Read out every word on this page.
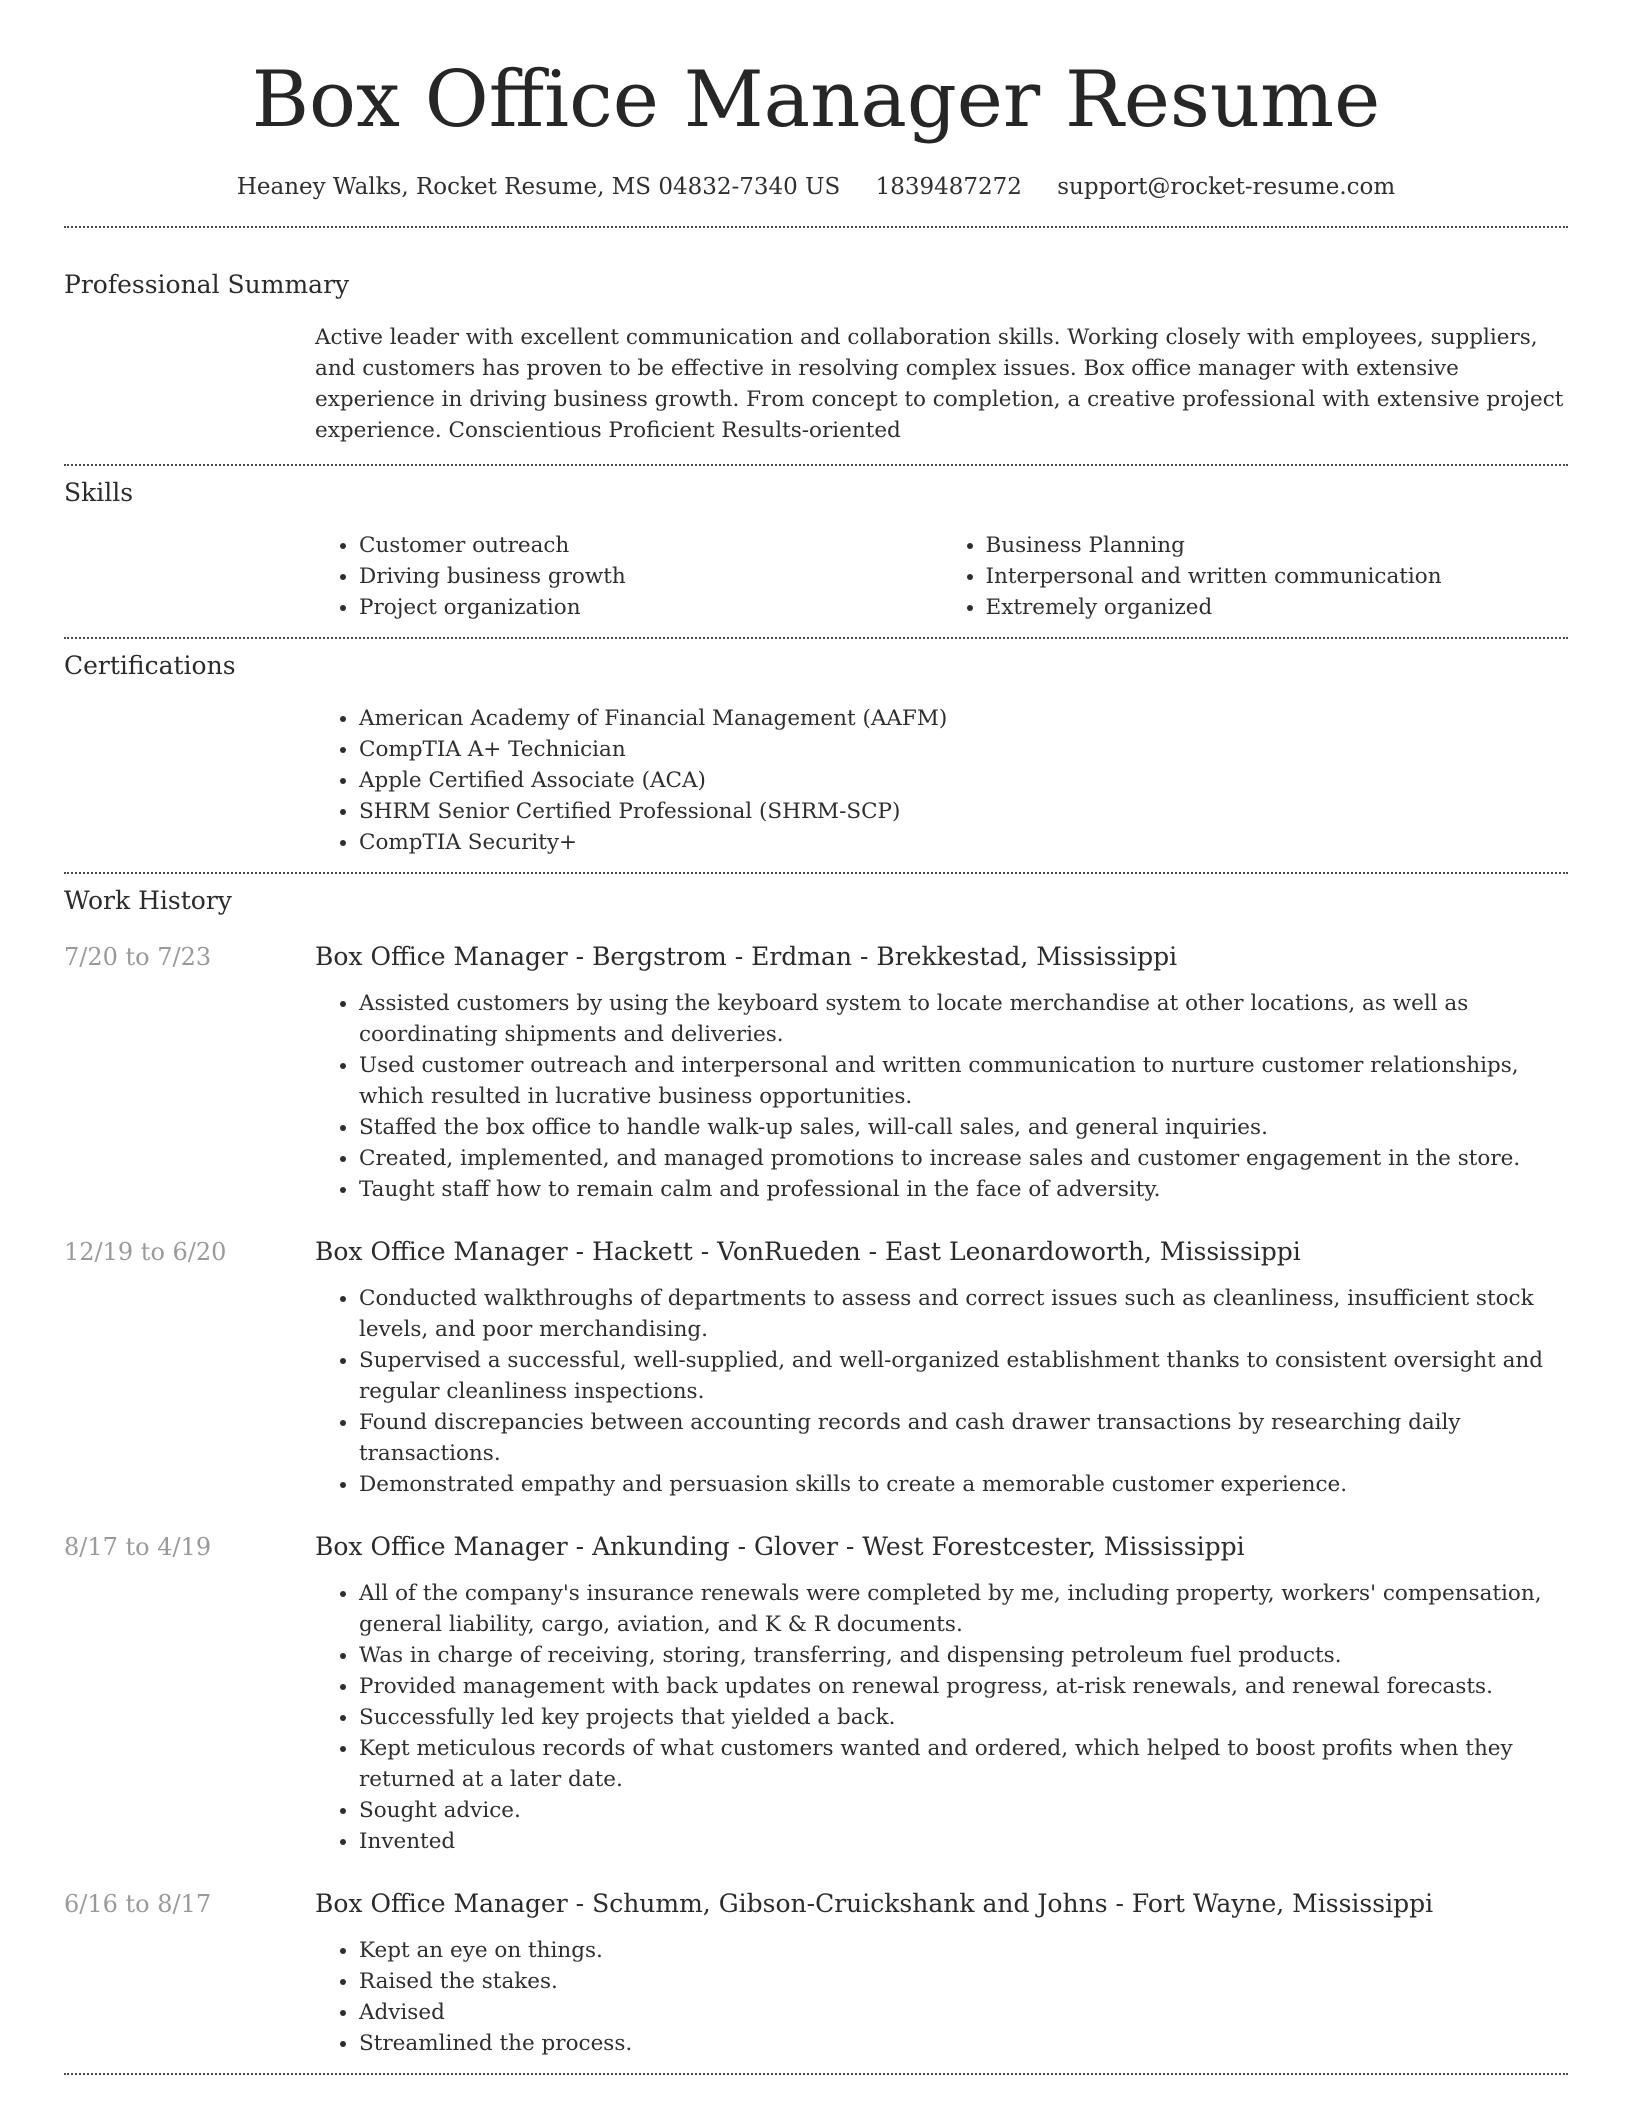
Box Office Manager Resume
Heaney Walks, Rocket Resume, MS 04832-7340 US 1839487272 support@rocket-resume.com
Professional Summary

Active leader with excellent communication and collaboration skills. Working closely with employees, suppliers, and customers has proven to be effective in resolving complex issues. Box office manager with extensive experience in driving business growth. From concept to completion, a creative professional with extensive project experience. Conscientious Proficient Results-oriented

Skills
• Customer outreach
• Driving business growth
• Project organization
• Business Planning
• Interpersonal and written communication
• Extremely organized
Certifications
• American Academy of Financial Management (AAFM)
• CompTIA A+ Technician
• Apple Certified Associate (ACA)
• SHRM Senior Certified Professional (SHRM-SCP)
• CompTIA Security+
Work History
7/20 to 7/23	Box Office Manager - Bergstrom - Erdman - Brekkestad, Mississippi
• Assisted customers by using the keyboard system to locate merchandise at other locations, as well as coordinating shipments and deliveries.
• Used customer outreach and interpersonal and written communication to nurture customer relationships, which resulted in lucrative business opportunities.
• Staffed the box office to handle walk-up sales, will-call sales, and general inquiries.
• Created, implemented, and managed promotions to increase sales and customer engagement in the store.
• Taught staff how to remain calm and professional in the face of adversity.
12/19 to 6/20	Box Office Manager - Hackett - VonRueden - East Leonardoworth, Mississippi
• Conducted walkthroughs of departments to assess and correct issues such as cleanliness, insufficient stock levels, and poor merchandising.
• Supervised a successful, well-supplied, and well-organized establishment thanks to consistent oversight and regular cleanliness inspections.
• Found discrepancies between accounting records and cash drawer transactions by researching daily transactions.
• Demonstrated empathy and persuasion skills to create a memorable customer experience.
8/17 to 4/19	Box Office Manager - Ankunding - Glover - West Forestcester, Mississippi
• All of the company's insurance renewals were completed by me, including property, workers' compensation, general liability, cargo, aviation, and K & R documents.
• Was in charge of receiving, storing, transferring, and dispensing petroleum fuel products.
• Provided management with back updates on renewal progress, at-risk renewals, and renewal forecasts.
• Successfully led key projects that yielded a back.
• Kept meticulous records of what customers wanted and ordered, which helped to boost profits when they returned at a later date.
• Sought advice.
• Invented
6/16 to 8/17	Box Office Manager - Schumm, Gibson-Cruickshank and Johns - Fort Wayne, Mississippi
• Kept an eye on things.
• Raised the stakes.
• Advised
• Streamlined the process.
